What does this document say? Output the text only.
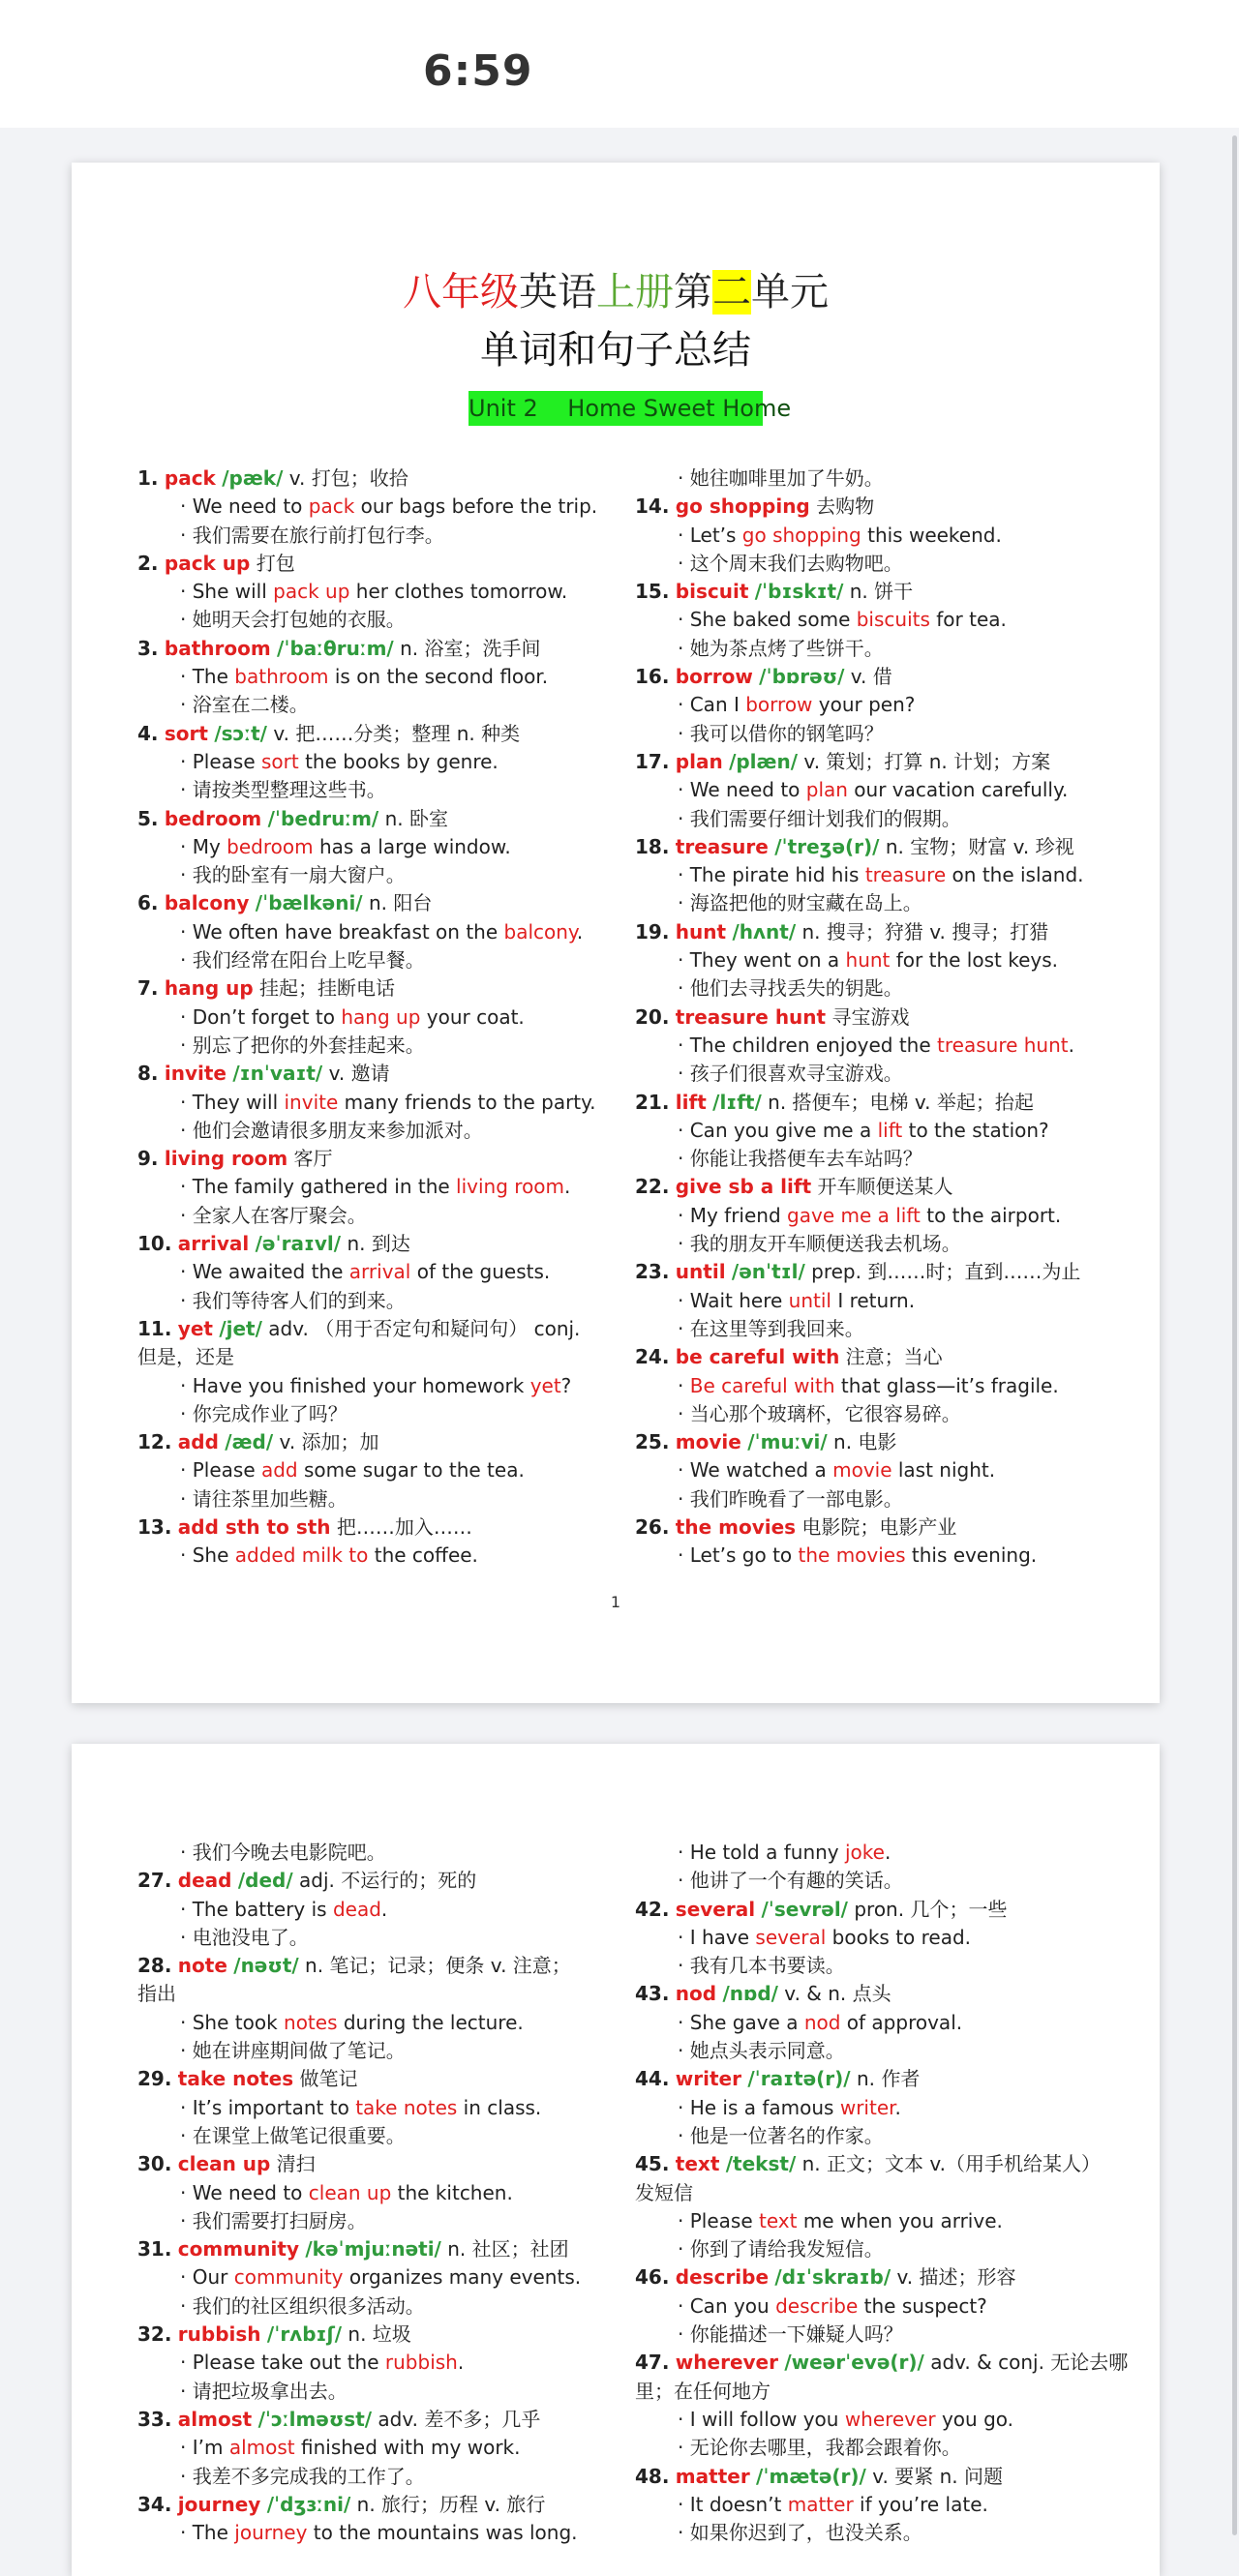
6:59
八年级英语上册第二单元
单词和句子总结
Unit 2    Home Sweet Home
1. pack /pæk/ v. 打包；收拾
· We need to pack our bags before the trip.
· 我们需要在旅行前打包行李。
2. pack up 打包
· She will pack up her clothes tomorrow.
· 她明天会打包她的衣服。
3. bathroom /ˈbaːθruːm/ n. 浴室；洗手间
· The bathroom is on the second floor.
· 浴室在二楼。
4. sort /sɔːt/ v. 把……分类；整理 n. 种类
· Please sort the books by genre.
· 请按类型整理这些书。
5. bedroom /ˈbedruːm/ n. 卧室
· My bedroom has a large window.
· 我的卧室有一扇大窗户。
6. balcony /ˈbælkəni/ n. 阳台
· We often have breakfast on the balcony.
· 我们经常在阳台上吃早餐。
7. hang up 挂起；挂断电话
· Don’t forget to hang up your coat.
· 别忘了把你的外套挂起来。
8. invite /ɪnˈvaɪt/ v. 邀请
· They will invite many friends to the party.
· 他们会邀请很多朋友来参加派对。
9. living room 客厅
· The family gathered in the living room.
· 全家人在客厅聚会。
10. arrival /əˈraɪvl/ n. 到达
· We awaited the arrival of the guests.
· 我们等待客人们的到来。
11. yet /jet/ adv. （用于否定句和疑问句） conj.
但是，还是
· Have you finished your homework yet?
· 你完成作业了吗？
12. add /æd/ v. 添加；加
· Please add some sugar to the tea.
· 请往茶里加些糖。
13. add sth to sth 把……加入……
· She added milk to the coffee.
· 她往咖啡里加了牛奶。
14. go shopping 去购物
· Let’s go shopping this weekend.
· 这个周末我们去购物吧。
15. biscuit /ˈbɪskɪt/ n. 饼干
· She baked some biscuits for tea.
· 她为茶点烤了些饼干。
16. borrow /ˈbɒrəʊ/ v. 借
· Can I borrow your pen?
· 我可以借你的钢笔吗？
17. plan /plæn/ v. 策划；打算 n. 计划；方案
· We need to plan our vacation carefully.
· 我们需要仔细计划我们的假期。
18. treasure /ˈtreʒə(r)/ n. 宝物；财富 v. 珍视
· The pirate hid his treasure on the island.
· 海盗把他的财宝藏在岛上。
19. hunt /hʌnt/ n. 搜寻；狩猎 v. 搜寻；打猎
· They went on a hunt for the lost keys.
· 他们去寻找丢失的钥匙。
20. treasure hunt 寻宝游戏
· The children enjoyed the treasure hunt.
· 孩子们很喜欢寻宝游戏。
21. lift /lɪft/ n. 搭便车；电梯 v. 举起；抬起
· Can you give me a lift to the station?
· 你能让我搭便车去车站吗？
22. give sb a lift 开车顺便送某人
· My friend gave me a lift to the airport.
· 我的朋友开车顺便送我去机场。
23. until /ənˈtɪl/ prep. 到……时；直到……为止
· Wait here until I return.
· 在这里等到我回来。
24. be careful with 注意；当心
· Be careful with that glass—it’s fragile.
· 当心那个玻璃杯，它很容易碎。
25. movie /ˈmuːvi/ n. 电影
· We watched a movie last night.
· 我们昨晚看了一部电影。
26. the movies 电影院；电影产业
· Let’s go to the movies this evening.
1
· 我们今晚去电影院吧。
27. dead /ded/ adj. 不运行的；死的
· The battery is dead.
· 电池没电了。
28. note /nəʊt/ n. 笔记；记录；便条 v. 注意；
指出
· She took notes during the lecture.
· 她在讲座期间做了笔记。
29. take notes 做笔记
· It’s important to take notes in class.
· 在课堂上做笔记很重要。
30. clean up 清扫
· We need to clean up the kitchen.
· 我们需要打扫厨房。
31. community /kəˈmjuːnəti/ n. 社区；社团
· Our community organizes many events.
· 我们的社区组织很多活动。
32. rubbish /ˈrʌbɪʃ/ n. 垃圾
· Please take out the rubbish.
· 请把垃圾拿出去。
33. almost /ˈɔːlməʊst/ adv. 差不多；几乎
· I’m almost finished with my work.
· 我差不多完成我的工作了。
34. journey /ˈdʒɜːni/ n. 旅行；历程 v. 旅行
· The journey to the mountains was long.
· He told a funny joke.
· 他讲了一个有趣的笑话。
42. several /ˈsevrəl/ pron. 几个；一些
· I have several books to read.
· 我有几本书要读。
43. nod /nɒd/ v. & n. 点头
· She gave a nod of approval.
· 她点头表示同意。
44. writer /ˈraɪtə(r)/ n. 作者
· He is a famous writer.
· 他是一位著名的作家。
45. text /tekst/ n. 正文；文本 v.（用手机给某人）
发短信
· Please text me when you arrive.
· 你到了请给我发短信。
46. describe /dɪˈskraɪb/ v. 描述；形容
· Can you describe the suspect?
· 你能描述一下嫌疑人吗？
47. wherever /weərˈevə(r)/ adv. & conj. 无论去哪
里；在任何地方
· I will follow you wherever you go.
· 无论你去哪里，我都会跟着你。
48. matter /ˈmætə(r)/ v. 要紧 n. 问题
· It doesn’t matter if you’re late.
· 如果你迟到了，也没关系。
